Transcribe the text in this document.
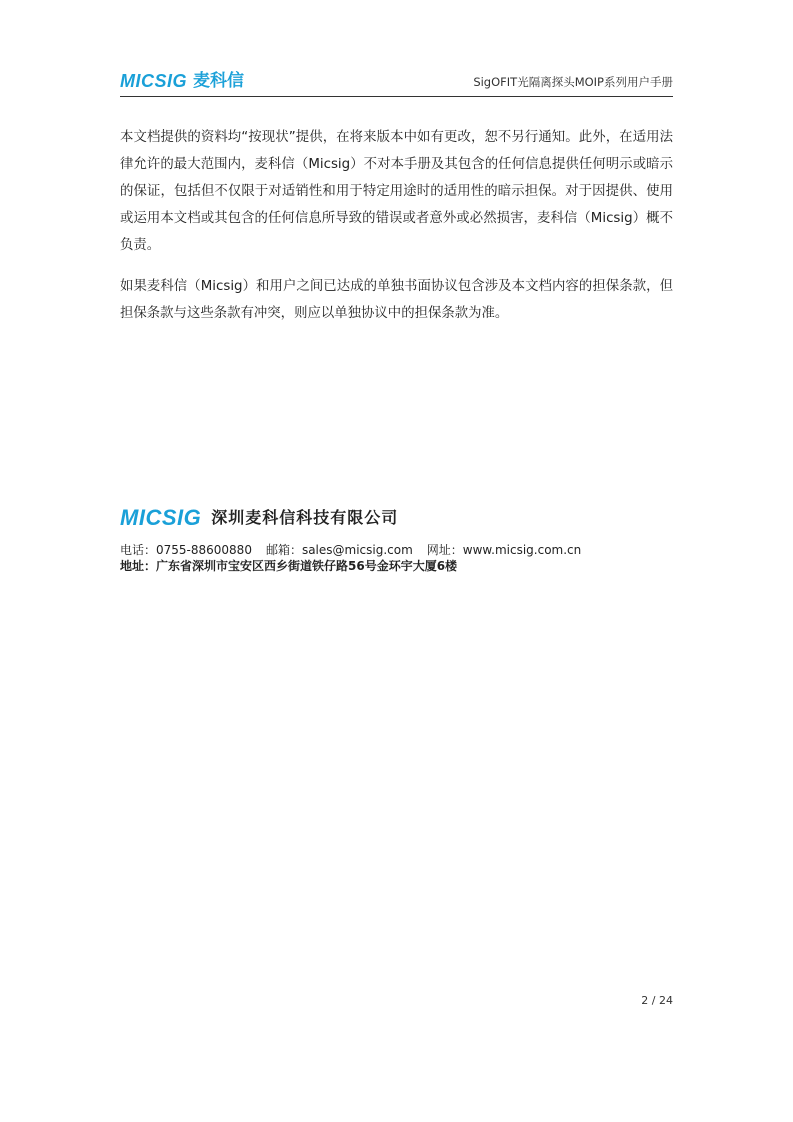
MICSIG 麦科信	SigOFIT光隔离探头MOIP系列用户手册

本文档提供的资料均“按现状”提供，在将来版本中如有更改，恕不另行通知。此外，在适用法律允许的最大范围内，麦科信（Micsig）不对本手册及其包含的任何信息提供任何明示或暗示的保证，包括但不仅限于对适销性和用于特定用途时的适用性的暗示担保。对于因提供、使用或运用本文档或其包含的任何信息所导致的错误或者意外或必然损害，麦科信（Micsig）概不负责。

如果麦科信（Micsig）和用户之间已达成的单独书面协议包含涉及本文档内容的担保条款，但担保条款与这些条款有冲突，则应以单独协议中的担保条款为准。

MICSIG 深圳麦科信科技有限公司
电话：0755-88600880 邮箱：sales@micsig.com 网址：www.micsig.com.cn
地址：广东省深圳市宝安区西乡街道铁仔路56号金环宇大厦6楼
2 / 24
